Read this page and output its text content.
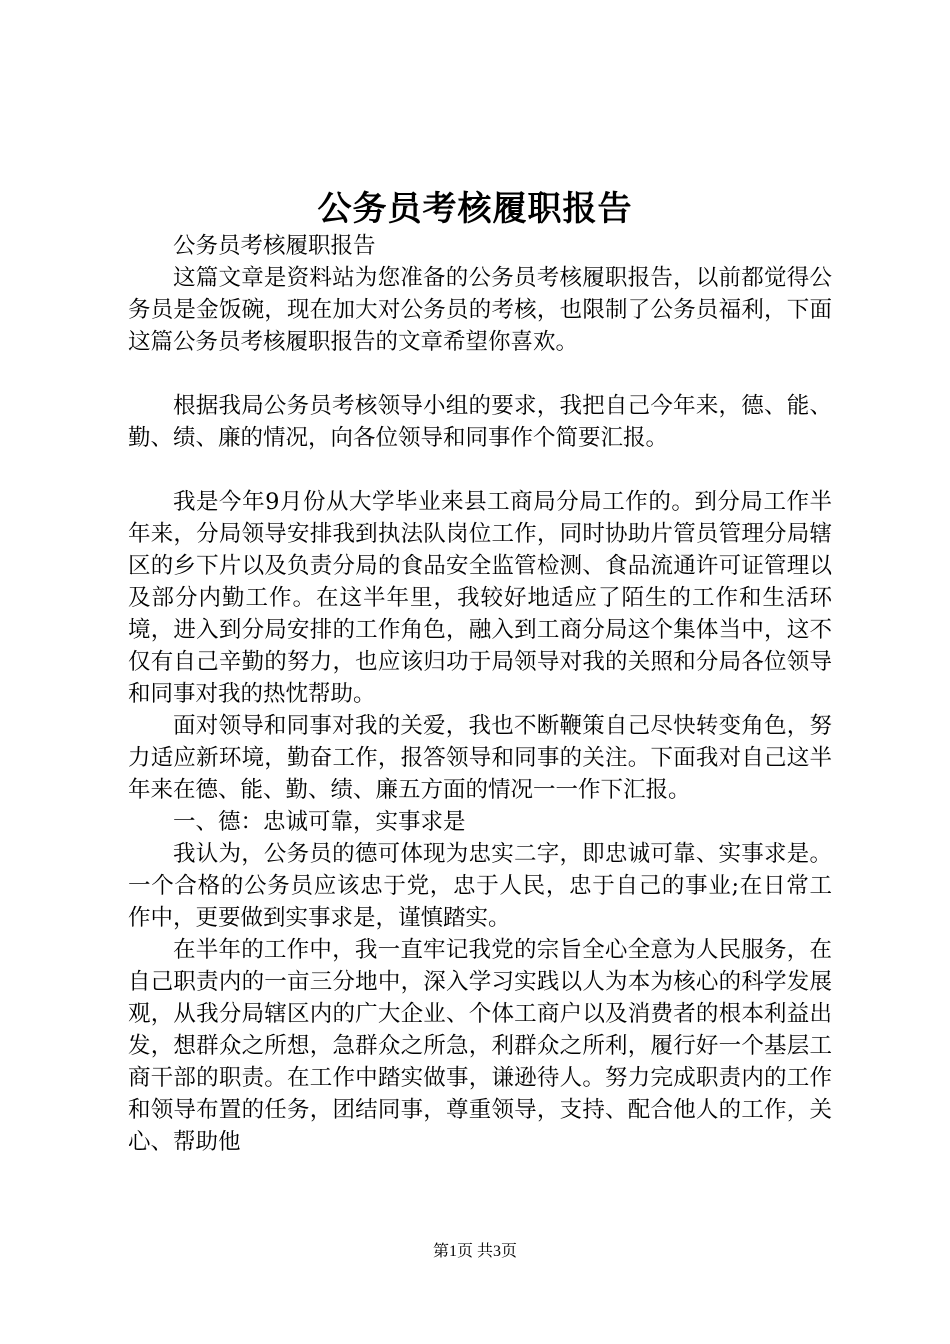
公务员考核履职报告

公务员考核履职报告

这篇文章是资料站为您准备的公务员考核履职报告，以前都觉得公务员是金饭碗，现在加大对公务员的考核，也限制了公务员福利，下面这篇公务员考核履职报告的文章希望你喜欢。

根据我局公务员考核领导小组的要求，我把自己今年来，德、能、勤、绩、廉的情况，向各位领导和同事作个简要汇报。

我是今年9月份从大学毕业来县工商局分局工作的。到分局工作半年来，分局领导安排我到执法队岗位工作，同时协助片管员管理分局辖区的乡下片以及负责分局的食品安全监管检测、食品流通许可证管理以及部分内勤工作。在这半年里，我较好地适应了陌生的工作和生活环境，进入到分局安排的工作角色，融入到工商分局这个集体当中，这不仅有自己辛勤的努力，也应该归功于局领导对我的关照和分局各位领导和同事对我的热忱帮助。

面对领导和同事对我的关爱，我也不断鞭策自己尽快转变角色，努力适应新环境，勤奋工作，报答领导和同事的关注。下面我对自己这半年来在德、能、勤、绩、廉五方面的情况一一作下汇报。

一、德：忠诚可靠，实事求是

我认为，公务员的德可体现为忠实二字，即忠诚可靠、实事求是。一个合格的公务员应该忠于党，忠于人民，忠于自己的事业;在日常工作中，更要做到实事求是，谨慎踏实。

在半年的工作中，我一直牢记我党的宗旨全心全意为人民服务，在自己职责内的一亩三分地中，深入学习实践以人为本为核心的科学发展观，从我分局辖区内的广大企业、个体工商户以及消费者的根本利益出发，想群众之所想，急群众之所急，利群众之所利，履行好一个基层工商干部的职责。在工作中踏实做事，谦逊待人。努力完成职责内的工作和领导布置的任务，团结同事，尊重领导，支持、配合他人的工作，关心、帮助他

第1页 共3页
